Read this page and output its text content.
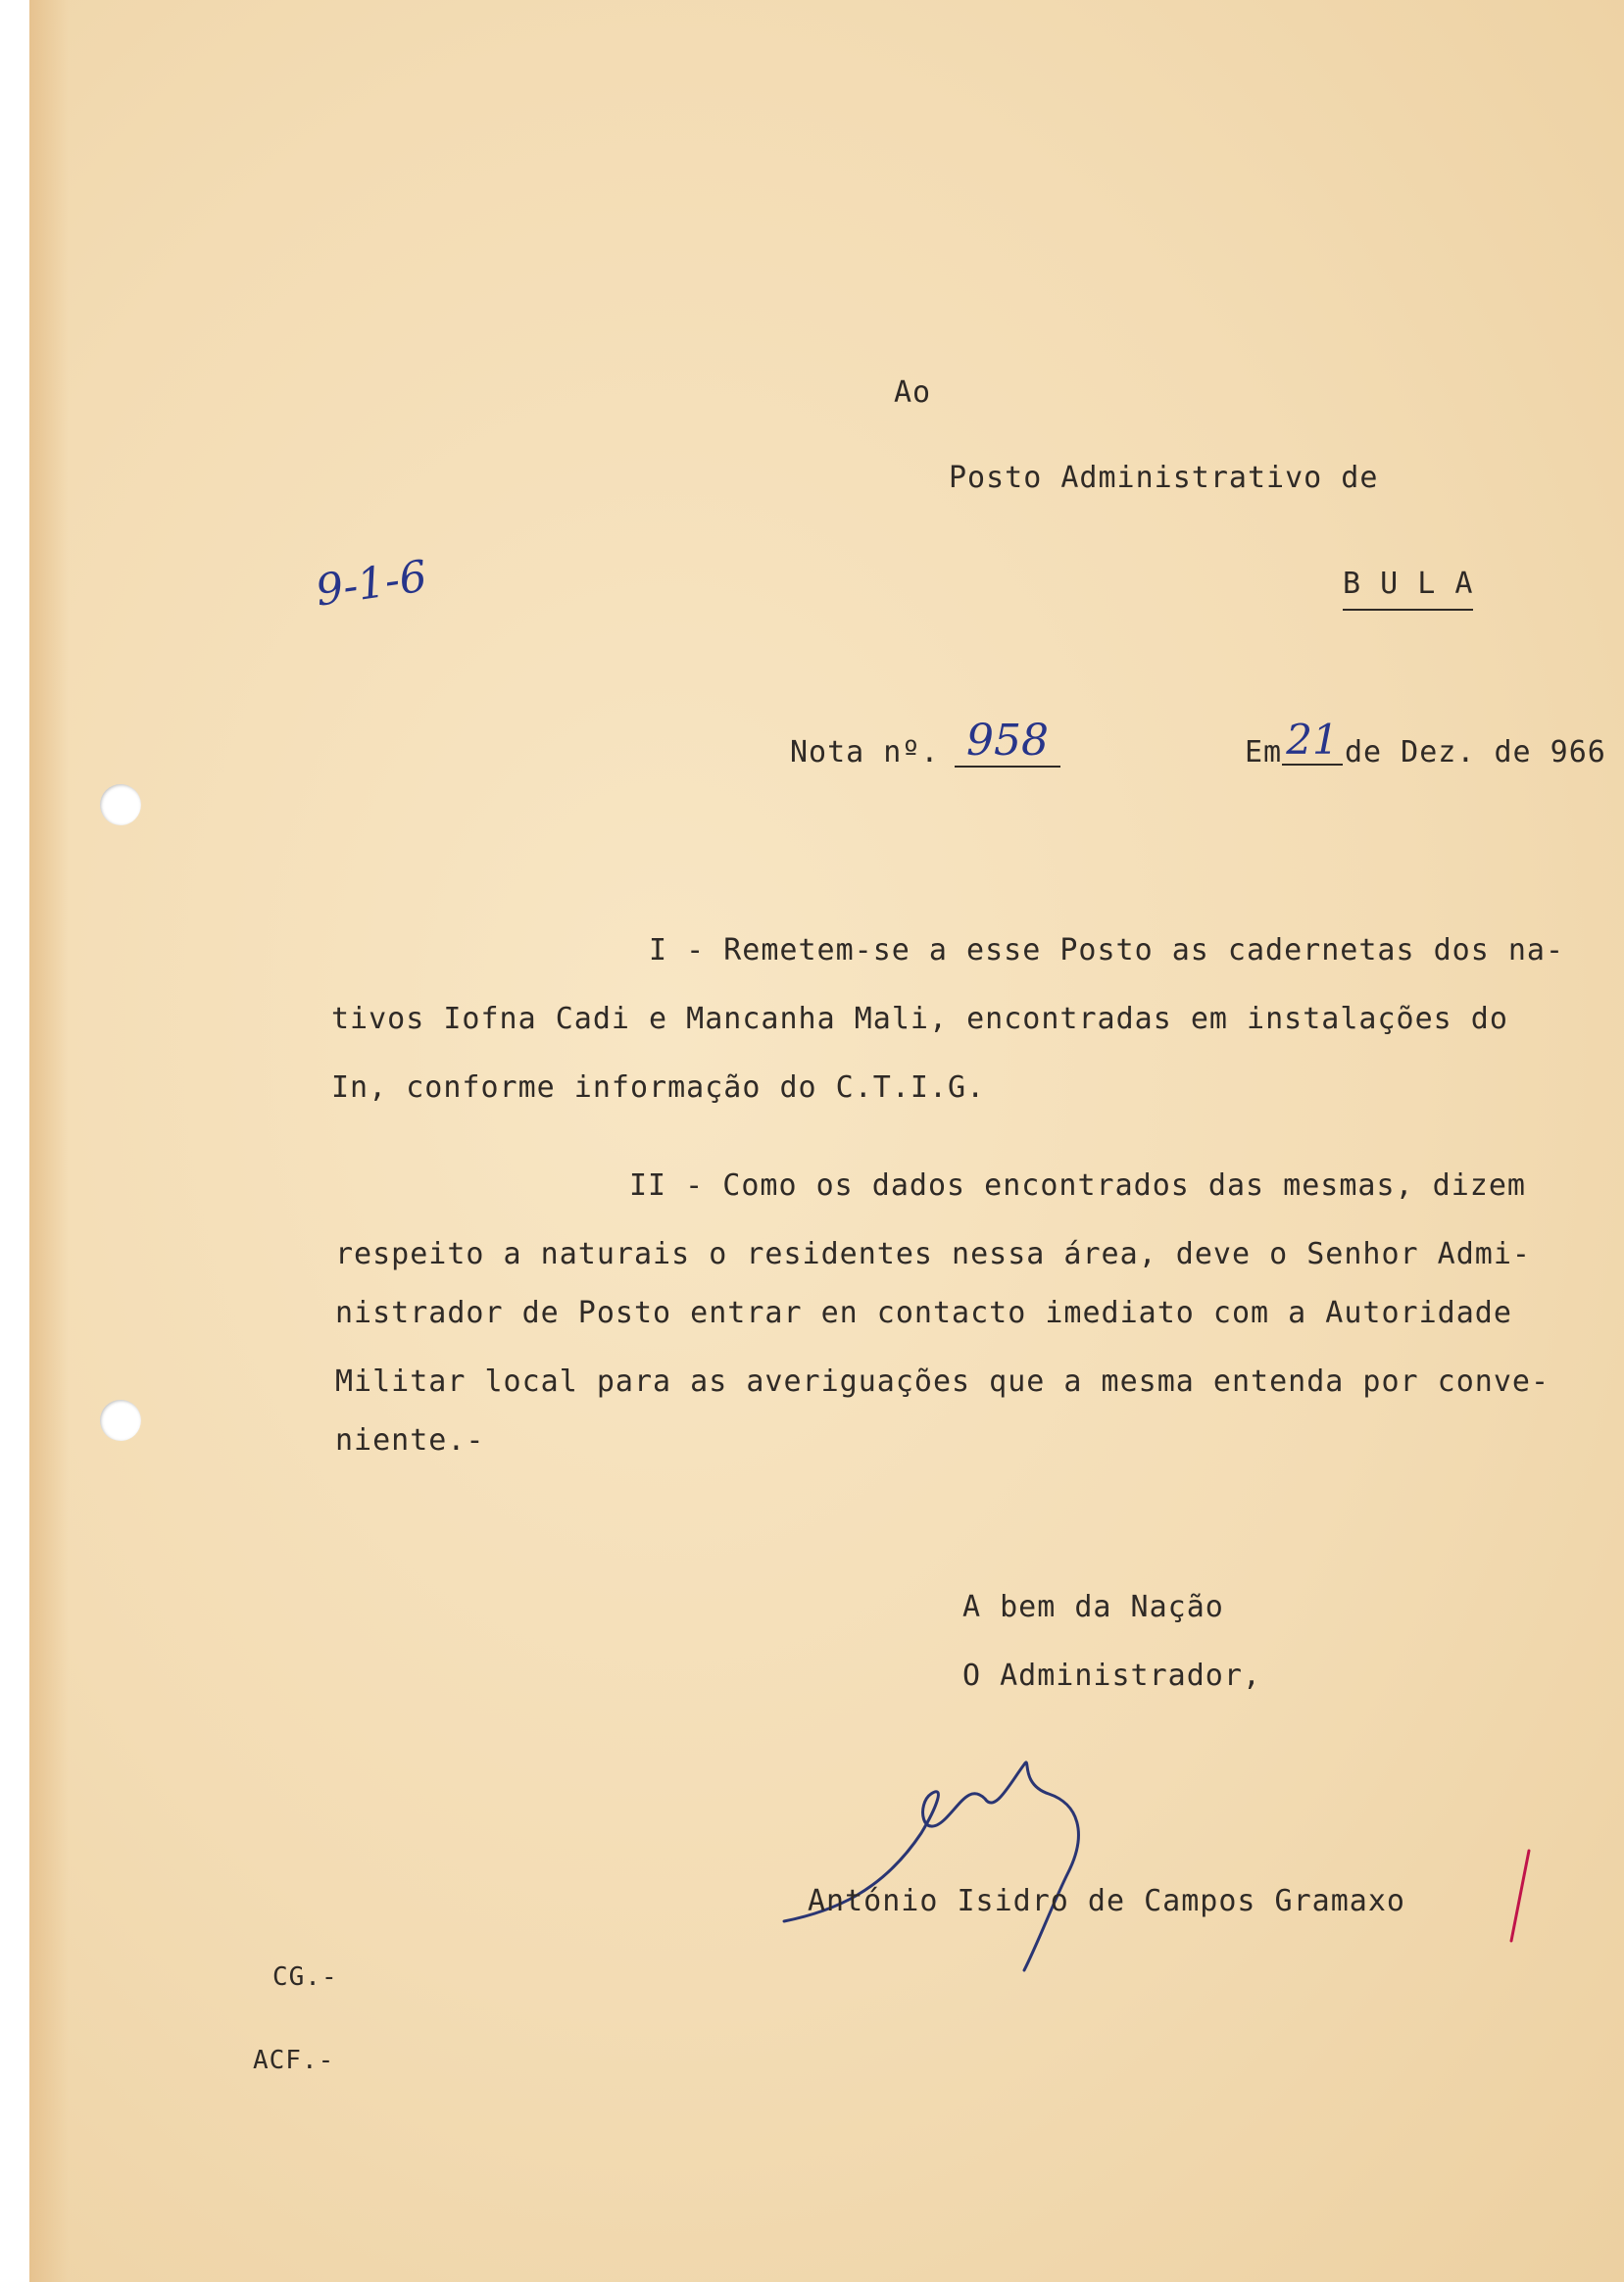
Ao
Posto Administrativo de
B U L A
9-1-6
Nota nº. 958	Em 21 de Dez. de 966
I - Remetem-se a esse Posto as cadernetas dos na-
tivos Iofna Cadi e Mancanha Mali, encontradas em instalações do
In, conforme informação do C.T.I.G.
II - Como os dados encontrados das mesmas, dizem
respeito a naturais o residentes nessa área, deve o Senhor Admi-
nistrador de Posto entrar en contacto imediato com a Autoridade
Militar local para as averiguações que a mesma entenda por conve-
niente.-
A bem da Nação
O Administrador,
António Isidro de Campos Gramaxo
CG.-
ACF.-
